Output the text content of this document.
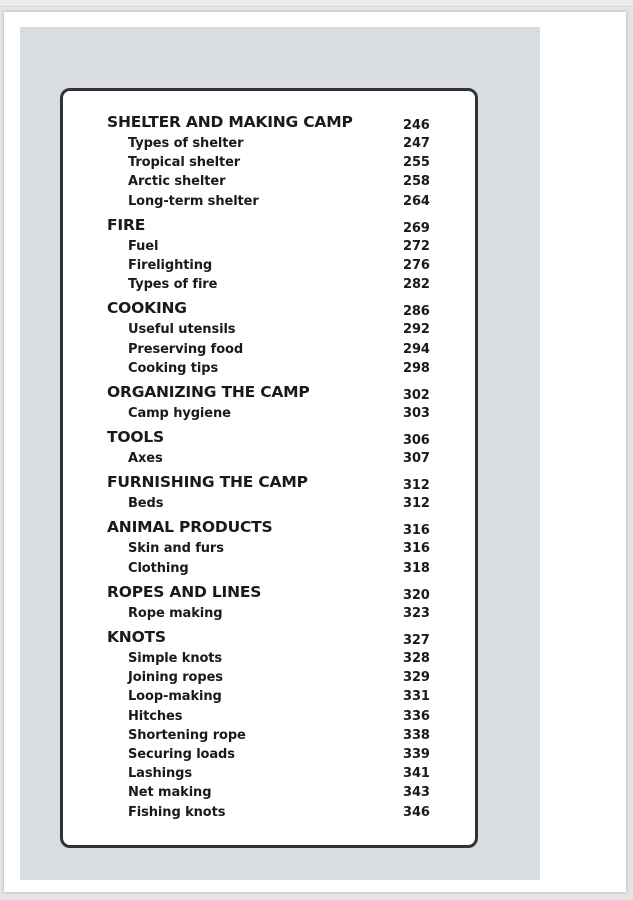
SHELTER AND MAKING CAMP	246
Types of shelter	247
Tropical shelter	255
Arctic shelter	258
Long-term shelter	264
FIRE	269
Fuel	272
Firelighting	276
Types of fire	282
COOKING	286
Useful utensils	292
Preserving food	294
Cooking tips	298
ORGANIZING THE CAMP	302
Camp hygiene	303
TOOLS	306
Axes	307
FURNISHING THE CAMP	312
Beds	312
ANIMAL PRODUCTS	316
Skin and furs	316
Clothing	318
ROPES AND LINES	320
Rope making	323
KNOTS	327
Simple knots	328
Joining ropes	329
Loop-making	331
Hitches	336
Shortening rope	338
Securing loads	339
Lashings	341
Net making	343
Fishing knots	346
